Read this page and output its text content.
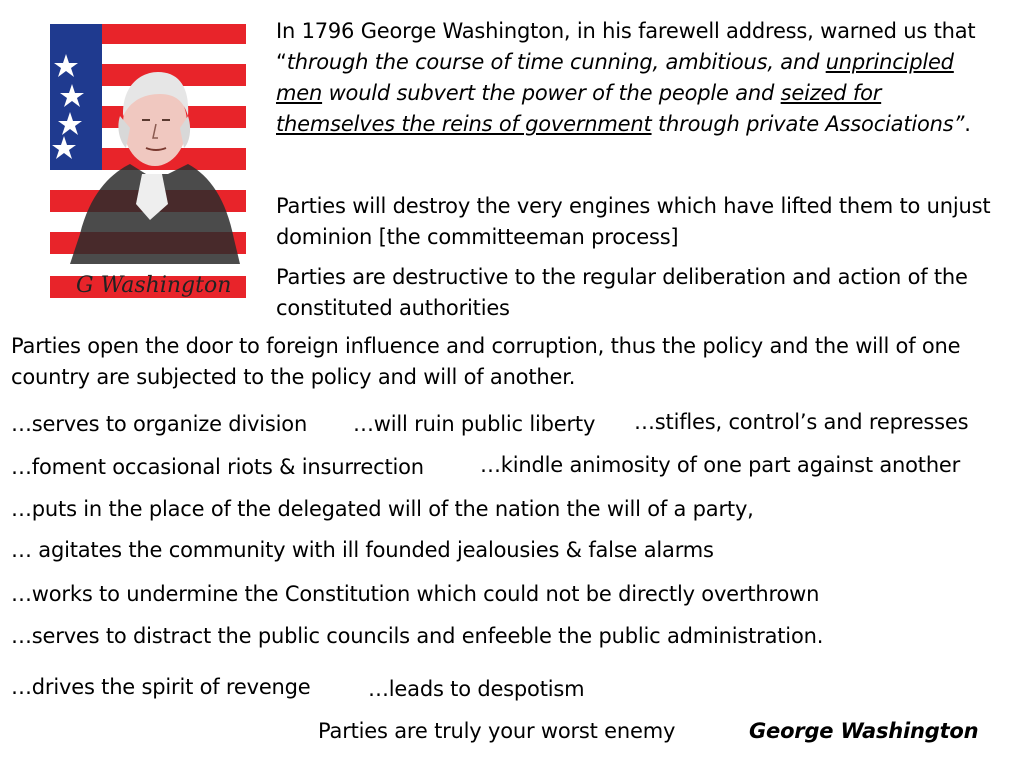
G Washington
In 1796 George Washington, in his farewell address, warned us that “through the course of time cunning, ambitious, and unprincipled men would subvert the power of the people and seized for themselves the reins of government through private Associations”.
Parties will destroy the very engines which have lifted them to unjust dominion [the committeeman process]
Parties are destructive to the regular deliberation and action of the constituted authorities
Parties open the door to foreign influence and corruption, thus the policy and the will of one country are subjected to the policy and will of another.
…serves to organize division …will ruin public liberty …stifles, control’s and represses
…foment occasional riots & insurrection	…kindle animosity of one part against another
…puts in the place of the delegated will of the nation the will of a party,
… agitates the community with ill founded jealousies & false alarms
…works to undermine the Constitution which could not be directly overthrown
…serves to distract the public councils and enfeeble the public administration.
…drives the spirit of revenge	…leads to despotism
Parties are truly your worst enemy	George Washington
